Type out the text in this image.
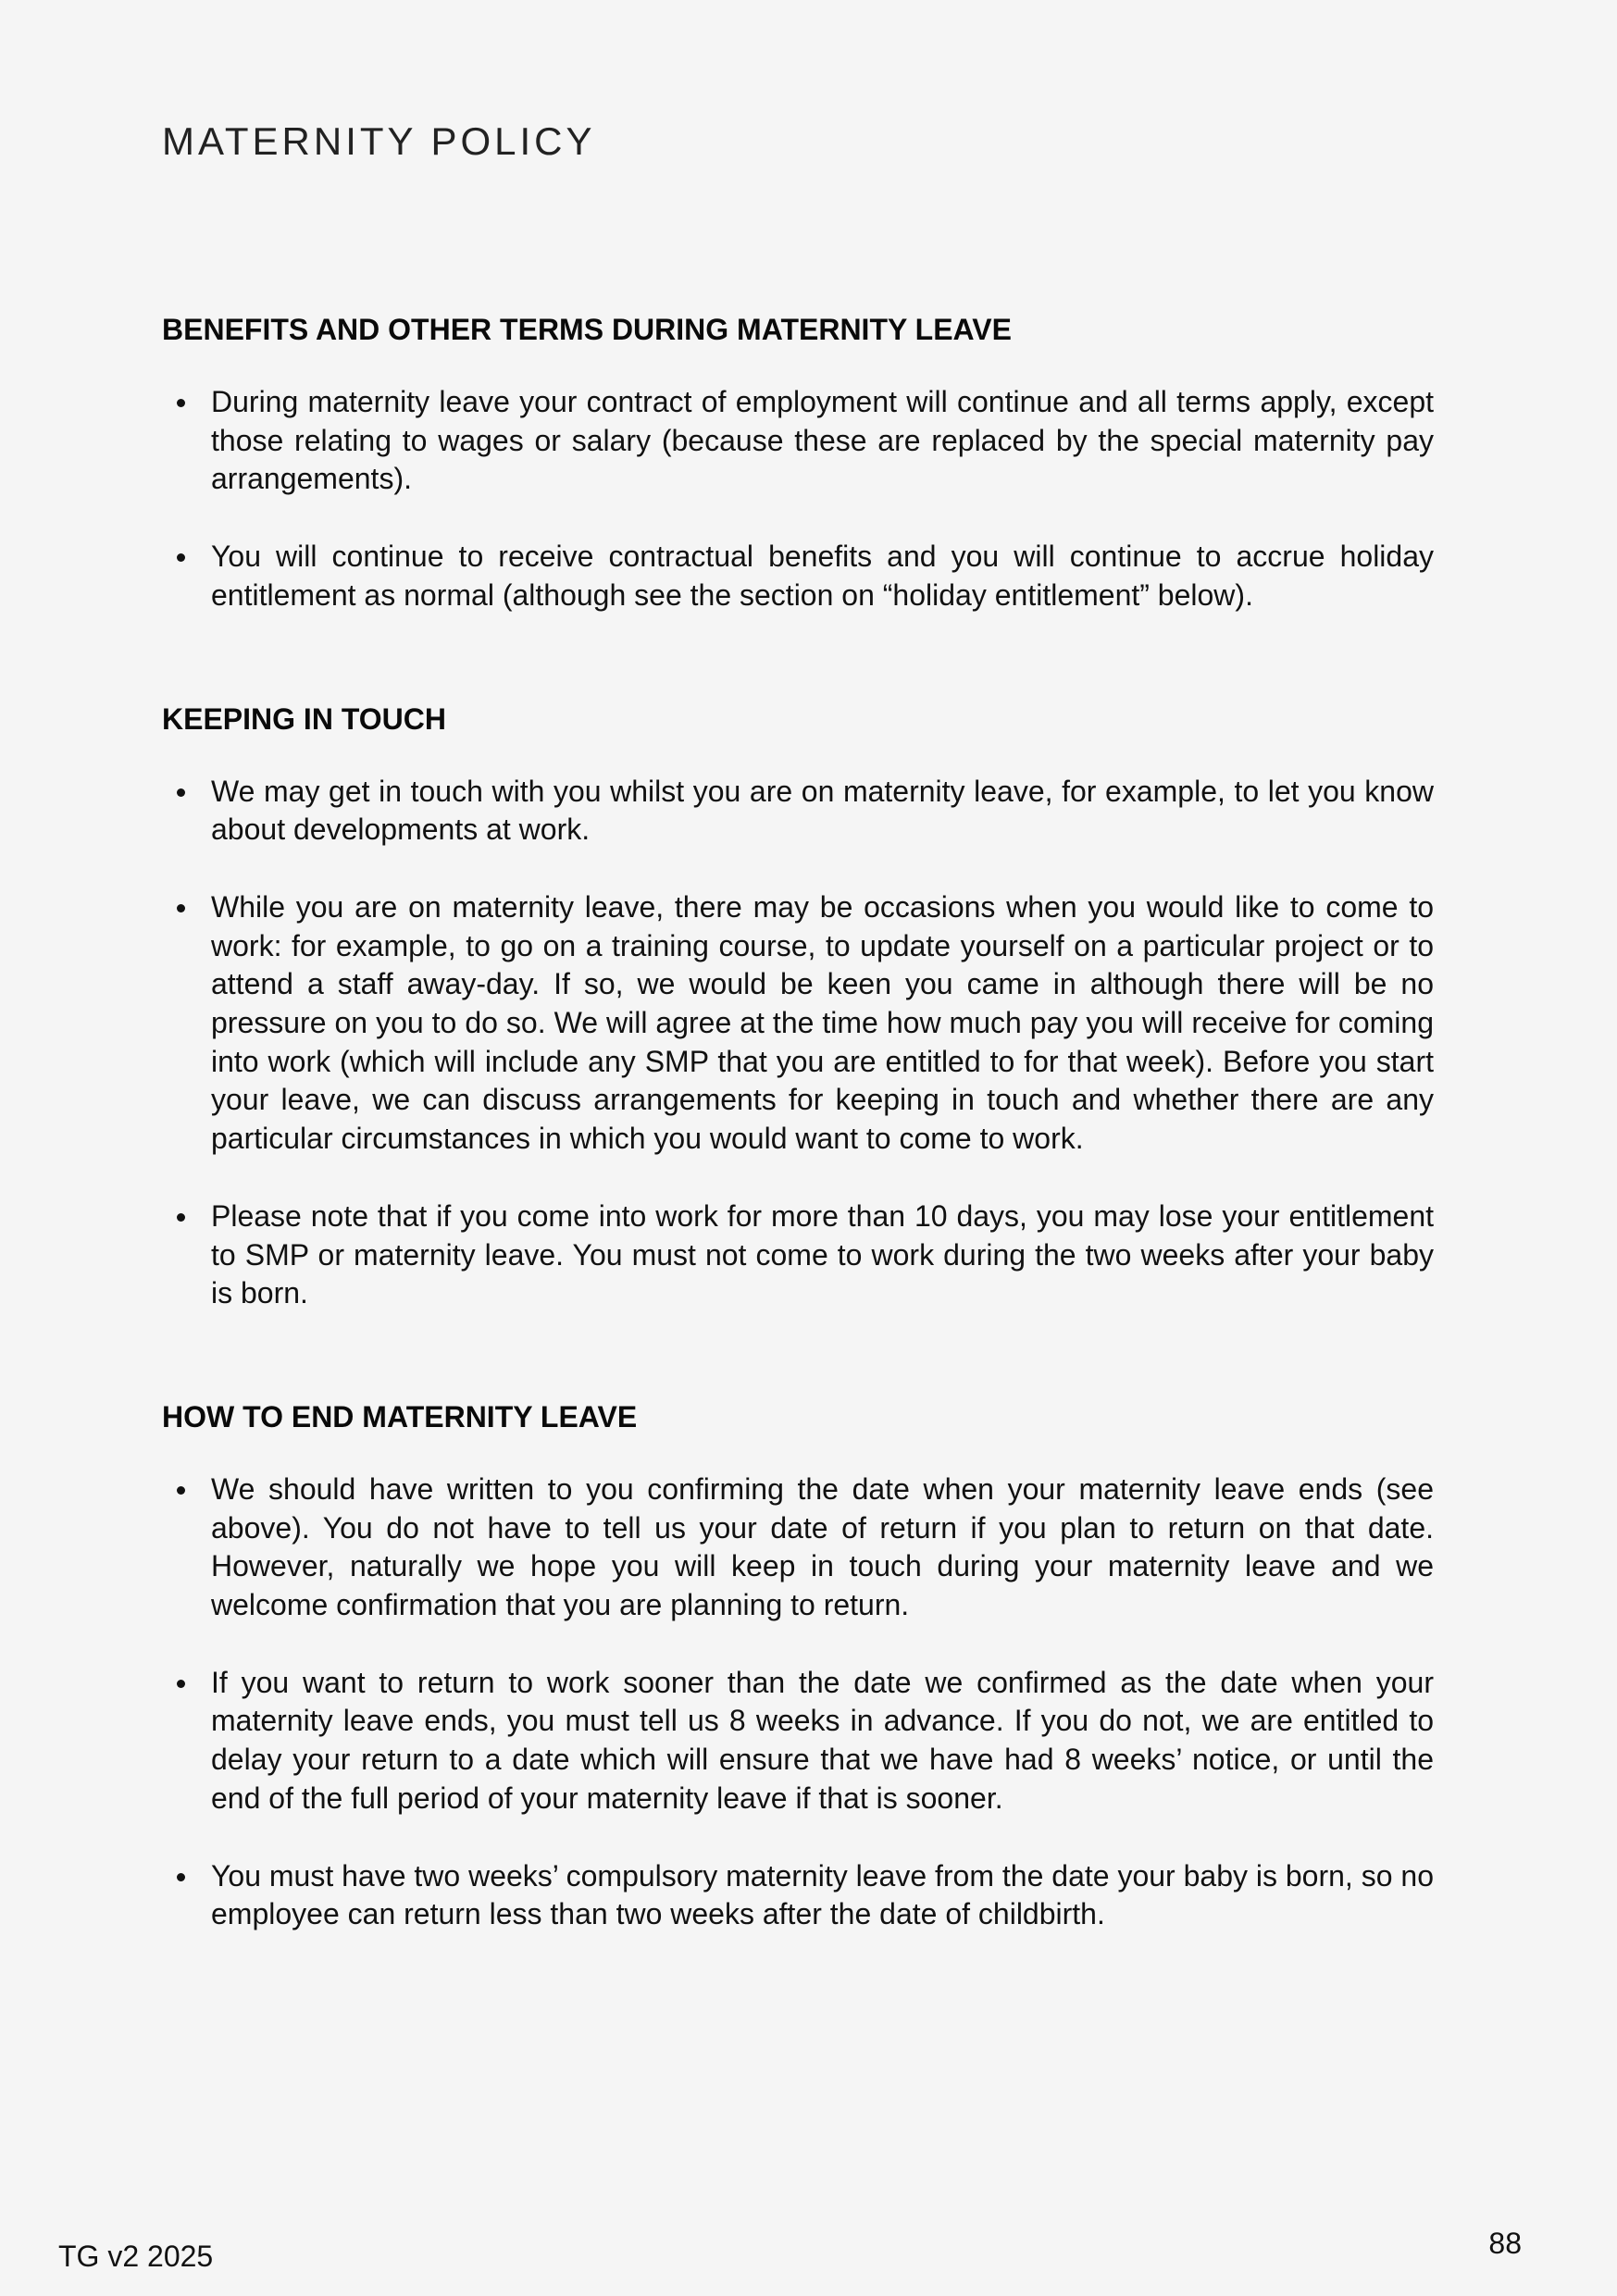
MATERNITY POLICY
BENEFITS AND OTHER TERMS DURING MATERNITY LEAVE
During maternity leave your contract of employment will continue and all terms apply, except those relating to wages or salary (because these are replaced by the special maternity pay arrangements).
You will continue to receive contractual benefits and you will continue to accrue holiday entitlement as normal (although see the section on “holiday entitlement” below).
KEEPING IN TOUCH
We may get in touch with you whilst you are on maternity leave, for example, to let you know about developments at work.
While you are on maternity leave, there may be occasions when you would like to come to work: for example, to go on a training course, to update yourself on a particular project or to attend a staff away-day. If so, we would be keen you came in although there will be no pressure on you to do so. We will agree at the time how much pay you will receive for coming into work (which will include any SMP that you are entitled to for that week). Before you start your leave, we can discuss arrangements for keeping in touch and whether there are any particular circumstances in which you would want to come to work.
Please note that if you come into work for more than 10 days, you may lose your entitlement to SMP or maternity leave. You must not come to work during the two weeks after your baby is born.
HOW TO END MATERNITY LEAVE
We should have written to you confirming the date when your maternity leave ends (see above). You do not have to tell us your date of return if you plan to return on that date. However, naturally we hope you will keep in touch during your maternity leave and we welcome confirmation that you are planning to return.
If you want to return to work sooner than the date we confirmed as the date when your maternity leave ends, you must tell us 8 weeks in advance. If you do not, we are entitled to delay your return to a date which will ensure that we have had 8 weeks’ notice, or until the end of the full period of your maternity leave if that is sooner.
You must have two weeks’ compulsory maternity leave from the date your baby is born, so no employee can return less than two weeks after the date of childbirth.
TG v2 2025	88
